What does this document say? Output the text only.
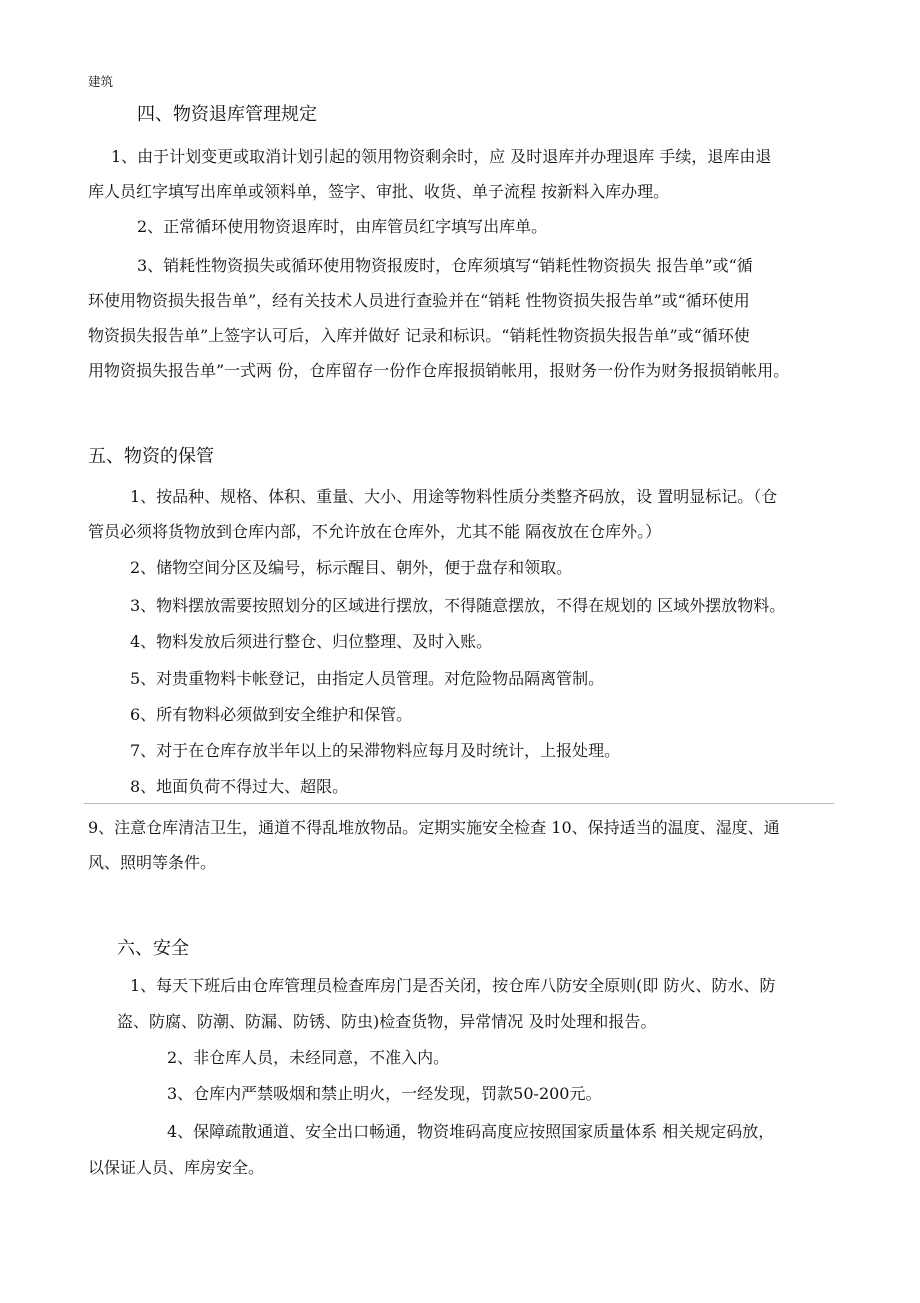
建筑
四、物资退库管理规定
1、由于计划变更或取消计划引起的领用物资剩余时，应 及时退库并办理退库 手续，退库由退
库人员红字填写出库单或领料单，签字、审批、收货、单子流程 按新料入库办理。
2、正常循环使用物资退库时，由库管员红字填写出库单。
3、销耗性物资损失或循环使用物资报废时，仓库须填写“销耗性物资损失 报告单”或“循
环使用物资损失报告单”，经有关技术人员进行查验并在“销耗 性物资损失报告单”或“循环使用
物资损失报告单”上签字认可后，入库并做好 记录和标识。“销耗性物资损失报告单”或“循环使
用物资损失报告单”一式两 份，仓库留存一份作仓库报损销帐用，报财务一份作为财务报损销帐用。
五、物资的保管
1、按品种、规格、体积、重量、大小、用途等物料性质分类整齐码放，设 置明显标记。（仓
管员必须将货物放到仓库内部，不允许放在仓库外，尤其不能 隔夜放在仓库外。）
2、储物空间分区及编号，标示醒目、朝外，便于盘存和领取。
3、物料摆放需要按照划分的区域进行摆放，不得随意摆放，不得在规划的 区域外摆放物料。
4、物料发放后须进行整仓、归位整理、及时入账。
5、对贵重物料卡帐登记，由指定人员管理。对危险物品隔离管制。
6、所有物料必须做到安全维护和保管。
7、对于在仓库存放半年以上的呆滞物料应每月及时统计，上报处理。
8、地面负荷不得过大、超限。
9、注意仓库清洁卫生，通道不得乱堆放物品。定期实施安全检查 10、保持适当的温度、湿度、通
风、照明等条件。
六、安全
1、每天下班后由仓库管理员检查库房门是否关闭，按仓库八防安全原则(即 防火、防水、防
盗、防腐、防潮、防漏、防锈、防虫)检查货物，异常情况 及时处理和报告。
2、非仓库人员，未经同意，不准入内。
3、仓库内严禁吸烟和禁止明火，一经发现，罚款50-200元。
4、保障疏散通道、安全出口畅通，物资堆码高度应按照国家质量体系 相关规定码放，
以保证人员、库房安全。
